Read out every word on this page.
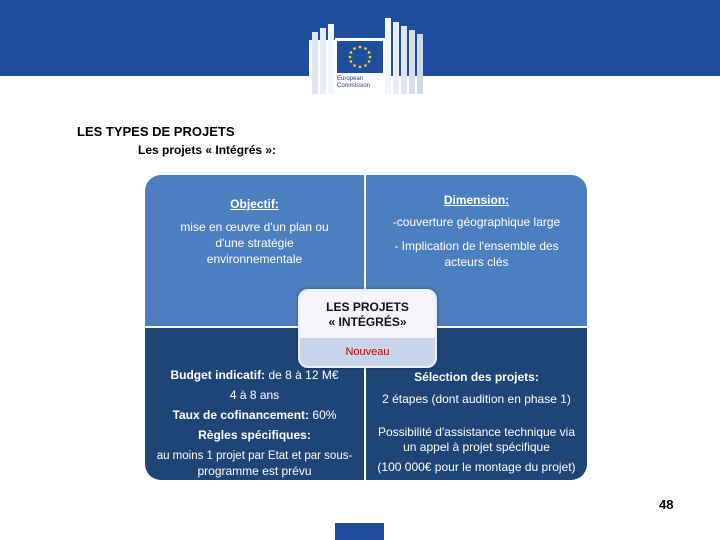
European
Commission
LES TYPES DE PROJETS
Les projets « Intégrés »:
Objectif:
mise en œuvre d'un plan ou
d'une stratégie
environnementale
Dimension:
-couverture géographique large
- Implication de l'ensemble des
acteurs clés
Budget indicatif: de 8 à 12 M€
4 à 8 ans
Taux de cofinancement: 60%
Règles spécifiques:
au moins 1 projet par Etat et par sous-
programme est prévu
Sélection des projets:
2 étapes (dont audition en phase 1)
Possibilité d'assistance technique via
un appel à projet spécifique
(100 000€ pour le montage du projet)
LES PROJETS
« INTÉGRÉS»
Nouveau
48
